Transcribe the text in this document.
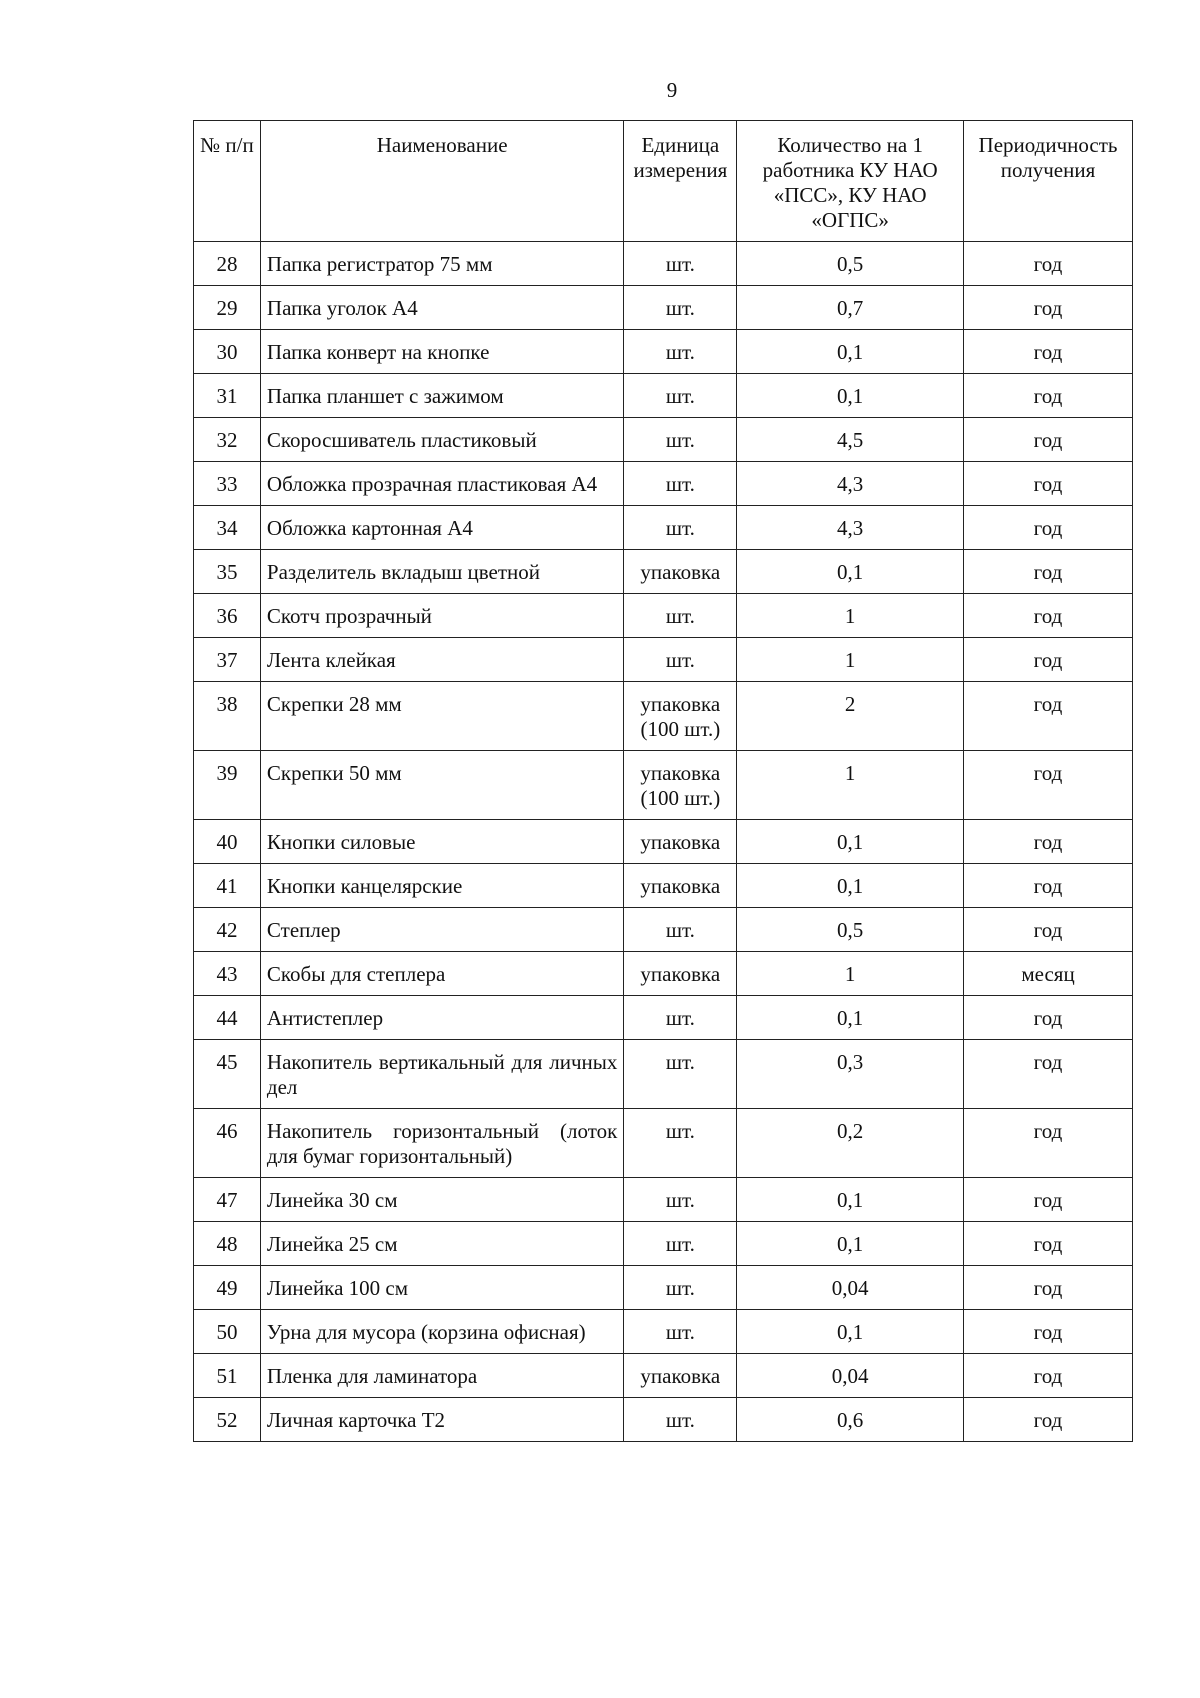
9
№ п/п	Наименование	Единица измерения	Количество на 1 работника КУ НАО «ПСС», КУ НАО «ОГПС»	Периодичность получения
28	Папка регистратор 75 мм	шт.	0,5	год
29	Папка уголок А4	шт.	0,7	год
30	Папка конверт на кнопке	шт.	0,1	год
31	Папка планшет с зажимом	шт.	0,1	год
32	Скоросшиватель пластиковый	шт.	4,5	год
33	Обложка прозрачная пластиковая А4	шт.	4,3	год
34	Обложка картонная А4	шт.	4,3	год
35	Разделитель вкладыш цветной	упаковка	0,1	год
36	Скотч прозрачный	шт.	1	год
37	Лента клейкая	шт.	1	год
38	Скрепки 28 мм	упаковка (100 шт.)	2	год
39	Скрепки 50 мм	упаковка (100 шт.)	1	год
40	Кнопки силовые	упаковка	0,1	год
41	Кнопки канцелярские	упаковка	0,1	год
42	Степлер	шт.	0,5	год
43	Скобы для степлера	упаковка	1	месяц
44	Антистеплер	шт.	0,1	год
45	Накопитель вертикальный для личных дел	шт.	0,3	год
46	Накопитель горизонтальный (лоток для бумаг горизонтальный)	шт.	0,2	год
47	Линейка 30 см	шт.	0,1	год
48	Линейка 25 см	шт.	0,1	год
49	Линейка 100 см	шт.	0,04	год
50	Урна для мусора (корзина офисная)	шт.	0,1	год
51	Пленка для ламинатора	упаковка	0,04	год
52	Личная карточка Т2	шт.	0,6	год
